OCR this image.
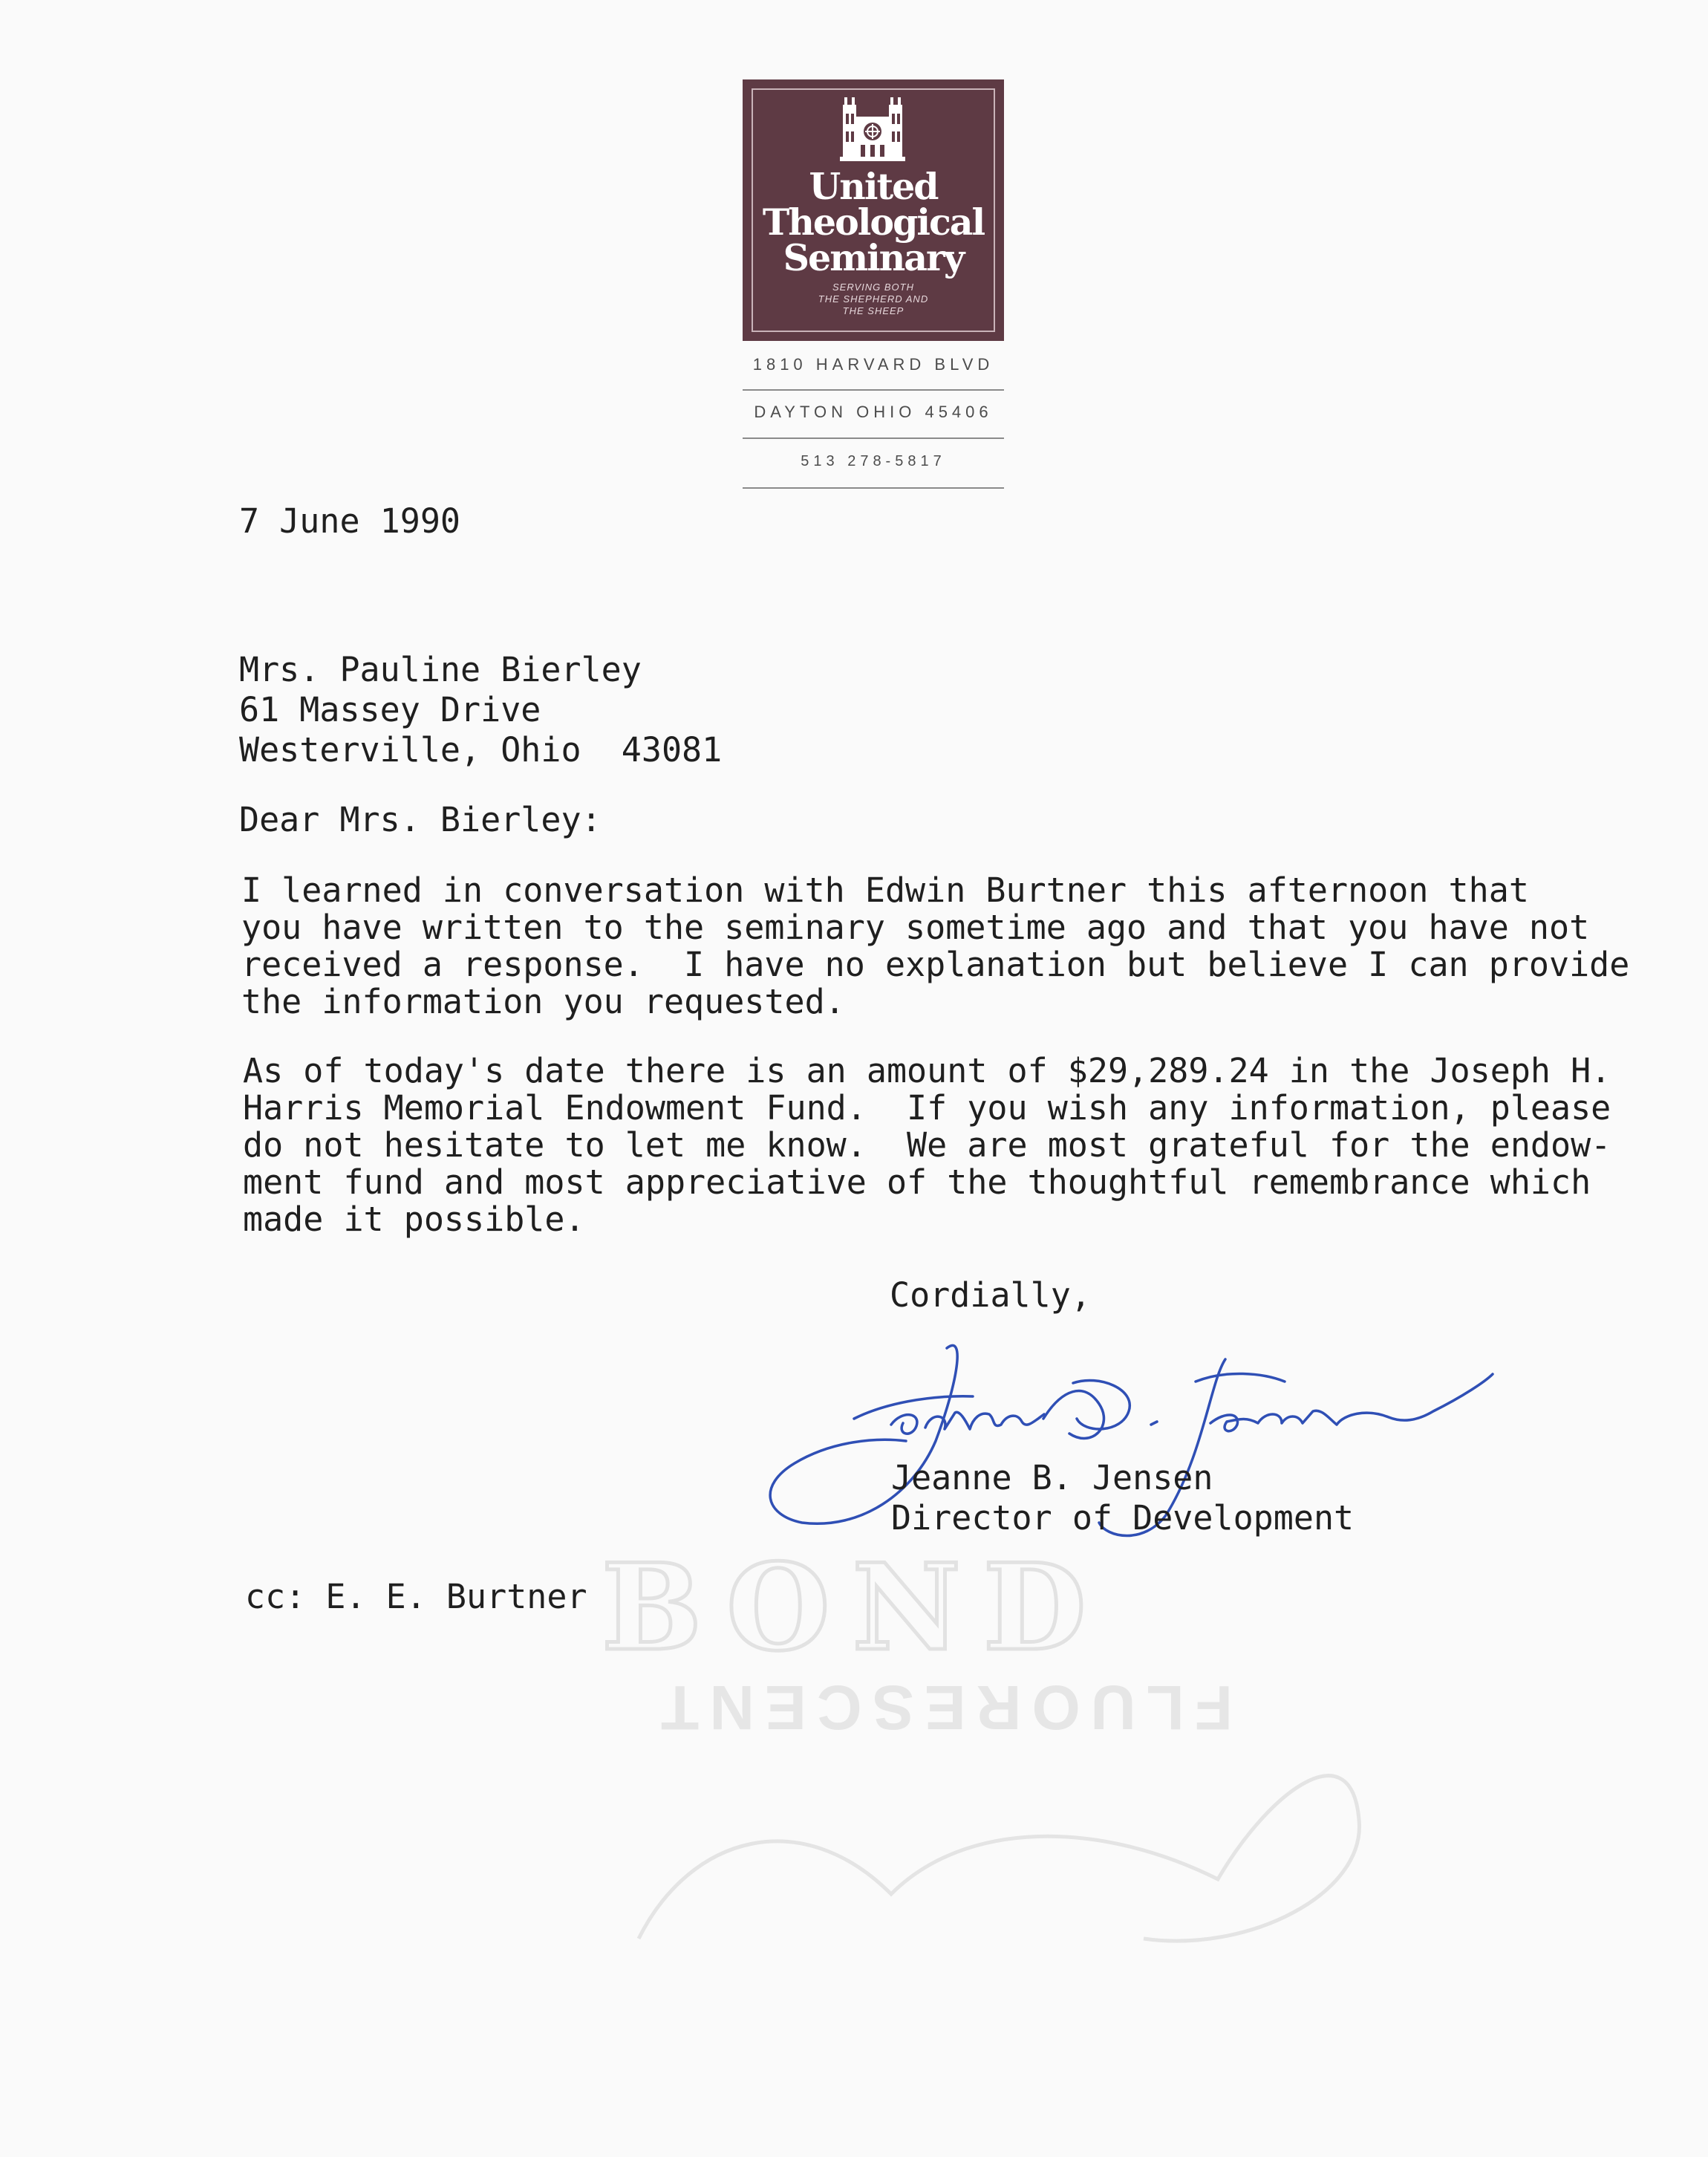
United
Theological
Seminary
SERVING BOTH
THE SHEPHERD AND
THE SHEEP
1810 HARVARD BLVD
DAYTON OHIO 45406
513 278-5817
BOND
FLUORESCENT
7 June 1990
Mrs. Pauline Bierley
61 Massey Drive
Westerville, Ohio  43081
Dear Mrs. Bierley:
I learned in conversation with Edwin Burtner this afternoon that
you have written to the seminary sometime ago and that you have not
received a response.  I have no explanation but believe I can provide
the information you requested.
As of today's date there is an amount of $29,289.24 in the Joseph H.
Harris Memorial Endowment Fund.  If you wish any information, please
do not hesitate to let me know.  We are most grateful for the endow-
ment fund and most appreciative of the thoughtful remembrance which
made it possible.
Cordially,
Jeanne B. Jensen
Director of Development
cc: E. E. Burtner
